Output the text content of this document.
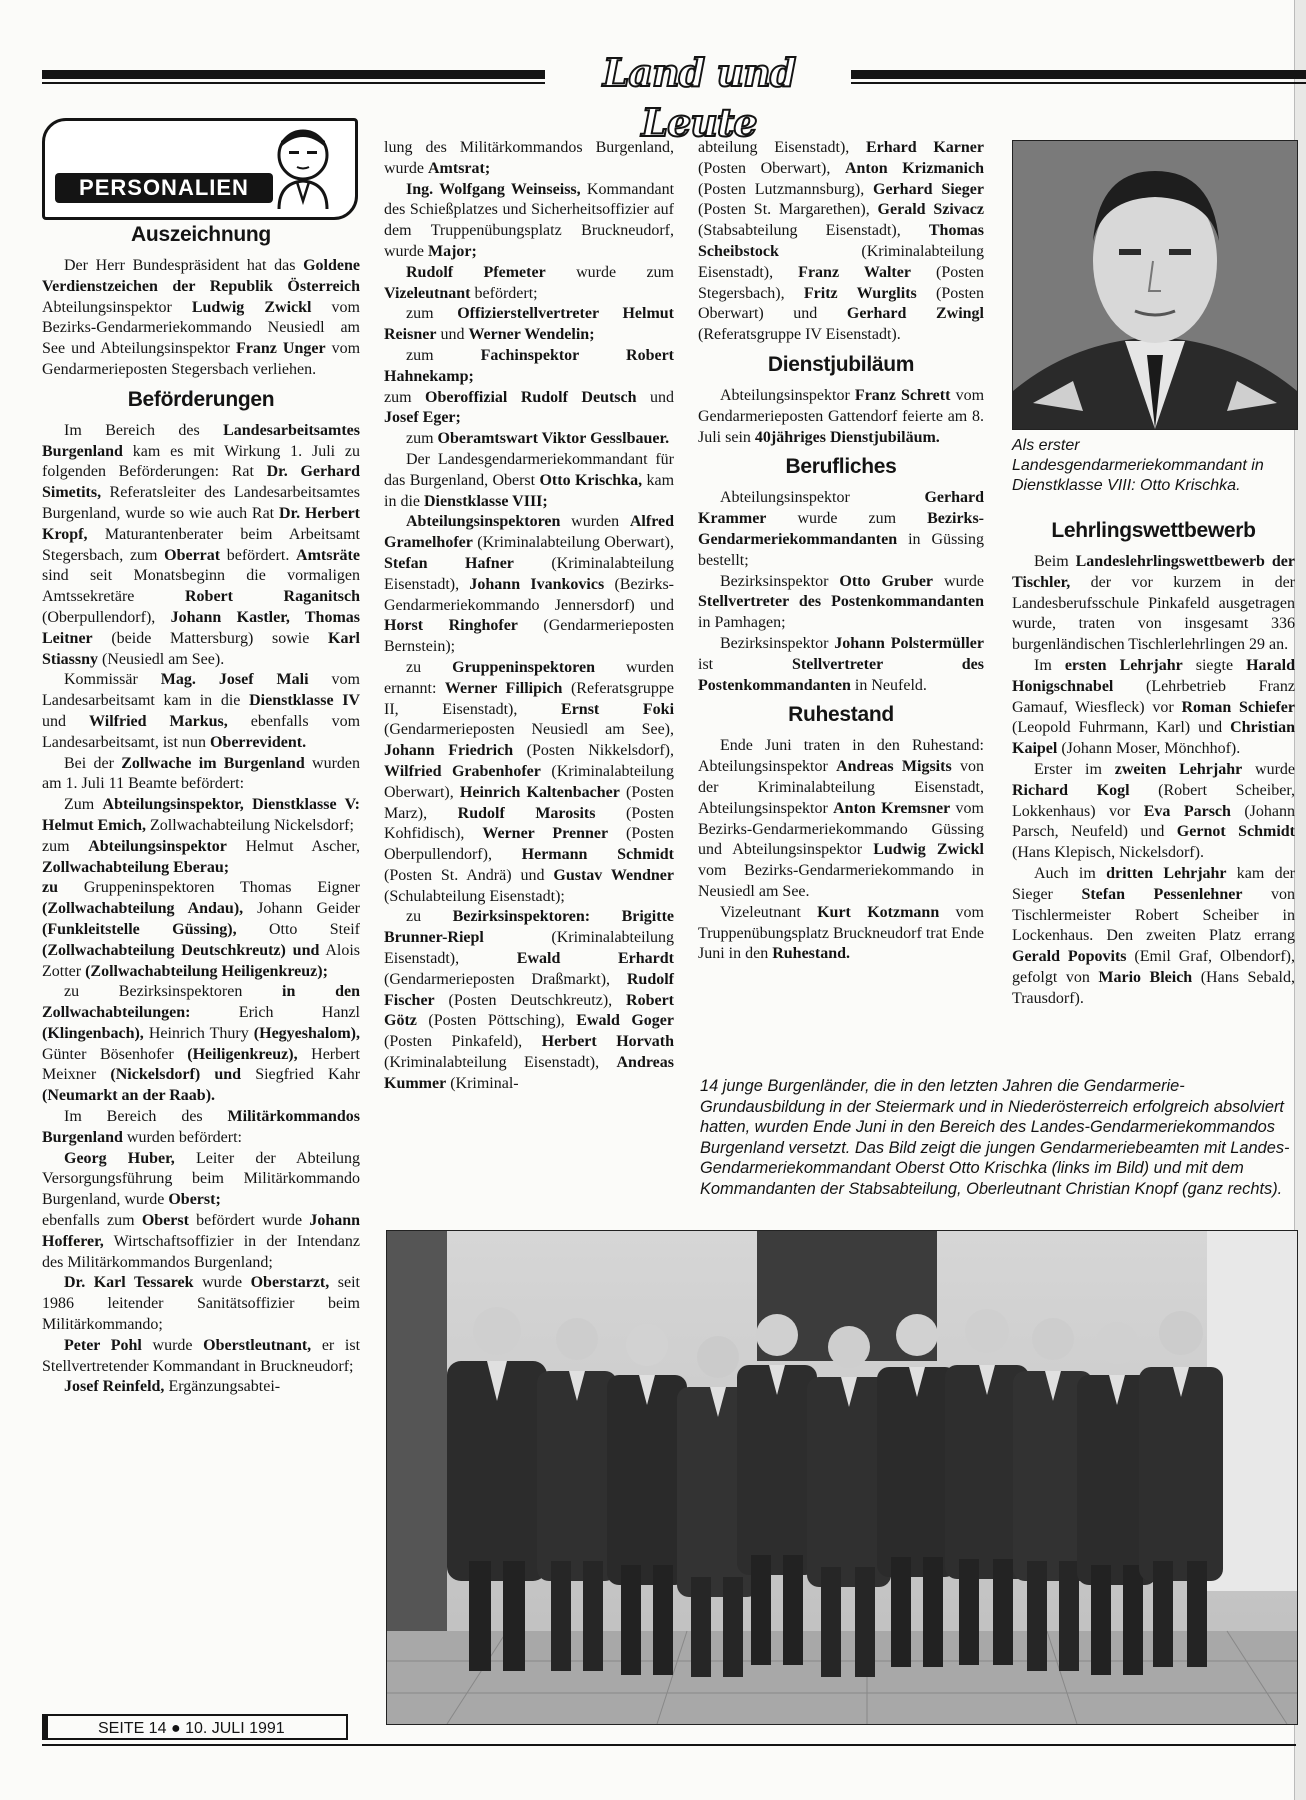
Land und Leute
PERSONALIEN
Auszeichnung

Der Herr Bundespräsident hat das Goldene Verdienstzeichen der Republik Österreich Abteilungsinspektor Ludwig Zwickl vom Bezirks-Gendarmeriekommando Neusiedl am See und Abteilungsinspektor Franz Unger vom Gendarmerieposten Stegersbach verliehen.

Beförderungen

Im Bereich des Landesarbeitsamtes Burgenland kam es mit Wirkung 1. Juli zu folgenden Beförderungen: Rat Dr. Gerhard Simetits, Referatsleiter des Landesarbeitsamtes Burgenland, wurde so wie auch Rat Dr. Herbert Kropf, Maturantenberater beim Arbeitsamt Stegersbach, zum Oberrat befördert. Amtsräte sind seit Monatsbeginn die vormaligen Amtssekretäre Robert Raganitsch (Oberpullendorf), Johann Kastler, Thomas Leitner (beide Mattersburg) sowie Karl Stiassny (Neusiedl am See).

Kommissär Mag. Josef Mali vom Landesarbeitsamt kam in die Dienstklasse IV und Wilfried Markus, ebenfalls vom Landesarbeitsamt, ist nun Oberrevident.

Bei der Zollwache im Burgenland wurden am 1. Juli 11 Beamte befördert:

Zum Abteilungsinspektor, Dienstklasse V: Helmut Emich, Zollwachabteilung Nickelsdorf;

zum Abteilungsinspektor Helmut Ascher, Zollwachabteilung Eberau;

zu Gruppeninspektoren Thomas Eigner (Zollwachabteilung Andau), Johann Geider (Funkleitstelle Güssing), Otto Steif (Zollwachabteilung Deutschkreutz) und Alois Zotter (Zollwachabteilung Heiligenkreuz);

zu Bezirksinspektoren in den Zollwachabteilungen: Erich Hanzl (Klingenbach), Heinrich Thury (Hegyeshalom), Günter Bösenhofer (Heiligenkreuz), Herbert Meixner (Nickelsdorf) und Siegfried Kahr (Neumarkt an der Raab).

Im Bereich des Militärkommandos Burgenland wurden befördert:

Georg Huber, Leiter der Abteilung Versorgungsführung beim Militärkommando Burgenland, wurde Oberst;

ebenfalls zum Oberst befördert wurde Johann Hofferer, Wirtschaftsoffizier in der Intendanz des Militärkommandos Burgenland;

Dr. Karl Tessarek wurde Oberstarzt, seit 1986 leitender Sanitätsoffizier beim Militärkommando;

Peter Pohl wurde Oberstleutnant, er ist Stellvertretender Kommandant in Bruckneudorf;

Josef Reinfeld, Ergänzungsabtei-

lung des Militärkommandos Burgenland, wurde Amtsrat;

Ing. Wolfgang Weinseiss, Kommandant des Schießplatzes und Sicherheitsoffizier auf dem Truppenübungsplatz Bruckneudorf, wurde Major;

Rudolf Pfemeter wurde zum Vizeleutnant befördert;

zum Offizierstellvertreter Helmut Reisner und Werner Wendelin;

zum Fachinspektor Robert Hahnekamp;

zum Oberoffizial Rudolf Deutsch und Josef Eger;

zum Oberamtswart Viktor Gesslbauer.

Der Landesgendarmeriekommandant für das Burgenland, Oberst Otto Krischka, kam in die Dienstklasse VIII;

Abteilungsinspektoren wurden Alfred Gramelhofer (Kriminalabteilung Oberwart), Stefan Hafner (Kriminalabteilung Eisenstadt), Johann Ivankovics (Bezirks-Gendarmeriekommando Jennersdorf) und Horst Ringhofer (Gendarmerieposten Bernstein);

zu Gruppeninspektoren wurden ernannt: Werner Fillipich (Referatsgruppe II, Eisenstadt), Ernst Foki (Gendarmerieposten Neusiedl am See), Johann Friedrich (Posten Nikkelsdorf), Wilfried Grabenhofer (Kriminalabteilung Oberwart), Heinrich Kaltenbacher (Posten Marz), Rudolf Marosits (Posten Kohfidisch), Werner Prenner (Posten Oberpullendorf), Hermann Schmidt (Posten St. Andrä) und Gustav Wendner (Schulabteilung Eisenstadt);

zu Bezirksinspektoren: Brigitte Brunner-Riepl (Kriminalabteilung Eisenstadt), Ewald Erhardt (Gendarmerieposten Draßmarkt), Rudolf Fischer (Posten Deutschkreutz), Robert Götz (Posten Pöttsching), Ewald Goger (Posten Pinkafeld), Herbert Horvath (Kriminalabteilung Eisenstadt), Andreas Kummer (Kriminal-

abteilung Eisenstadt), Erhard Karner (Posten Oberwart), Anton Krizmanich (Posten Lutzmannsburg), Gerhard Sieger (Posten St. Margarethen), Gerald Szivacz (Stabsabteilung Eisenstadt), Thomas Scheibstock (Kriminalabteilung Eisenstadt), Franz Walter (Posten Stegersbach), Fritz Wurglits (Posten Oberwart) und Gerhard Zwingl (Referatsgruppe IV Eisenstadt).

Dienstjubiläum

Abteilungsinspektor Franz Schrett vom Gendarmerieposten Gattendorf feierte am 8. Juli sein 40jähriges Dienstjubiläum.

Berufliches

Abteilungsinspektor Gerhard Krammer wurde zum Bezirks-Gendarmeriekommandanten in Güssing bestellt;

Bezirksinspektor Otto Gruber wurde Stellvertreter des Postenkommandanten in Pamhagen;

Bezirksinspektor Johann Polstermüller ist Stellvertreter des Postenkommandanten in Neufeld.

Ruhestand

Ende Juni traten in den Ruhestand: Abteilungsinspektor Andreas Migsits von der Kriminalabteilung Eisenstadt, Abteilungsinspektor Anton Kremsner vom Bezirks-Gendarmeriekommando Güssing und Abteilungsinspektor Ludwig Zwickl vom Bezirks-Gendarmeriekommando in Neusiedl am See.

Vizeleutnant Kurt Kotzmann vom Truppenübungsplatz Bruckneudorf trat Ende Juni in den Ruhestand.

Als erster Landesgendarmeriekommandant in Dienstklasse VIII: Otto Krischka.
Lehrlingswettbewerb

Beim Landeslehrlingswettbewerb der Tischler, der vor kurzem in der Landesberufsschule Pinkafeld ausgetragen wurde, traten von insgesamt 336 burgenländischen Tischlerlehrlingen 29 an.

Im ersten Lehrjahr siegte Harald Honigschnabel (Lehrbetrieb Franz Gamauf, Wiesfleck) vor Roman Schiefer (Leopold Fuhrmann, Karl) und Christian Kaipel (Johann Moser, Mönchhof).

Erster im zweiten Lehrjahr wurde Richard Kogl (Robert Scheiber, Lokkenhaus) vor Eva Parsch (Johann Parsch, Neufeld) und Gernot Schmidt (Hans Klepisch, Nickelsdorf).

Auch im dritten Lehrjahr kam der Sieger Stefan Pessenlehner von Tischlermeister Robert Scheiber in Lockenhaus. Den zweiten Platz errang Gerald Popovits (Emil Graf, Olbendorf), gefolgt von Mario Bleich (Hans Sebald, Trausdorf).

14 junge Burgenländer, die in den letzten Jahren die Gendarmerie-Grundausbildung in der Steiermark und in Niederösterreich erfolgreich absolviert hatten, wurden Ende Juni in den Bereich des Landes-Gendarmeriekommandos Burgenland versetzt. Das Bild zeigt die jungen Gendarmeriebeamten mit Landes-Gendarmeriekommandant Oberst Otto Krischka (links im Bild) und mit dem Kommandanten der Stabsabteilung, Oberleutnant Christian Knopf (ganz rechts).
SEITE 14 ● 10. JULI 1991
